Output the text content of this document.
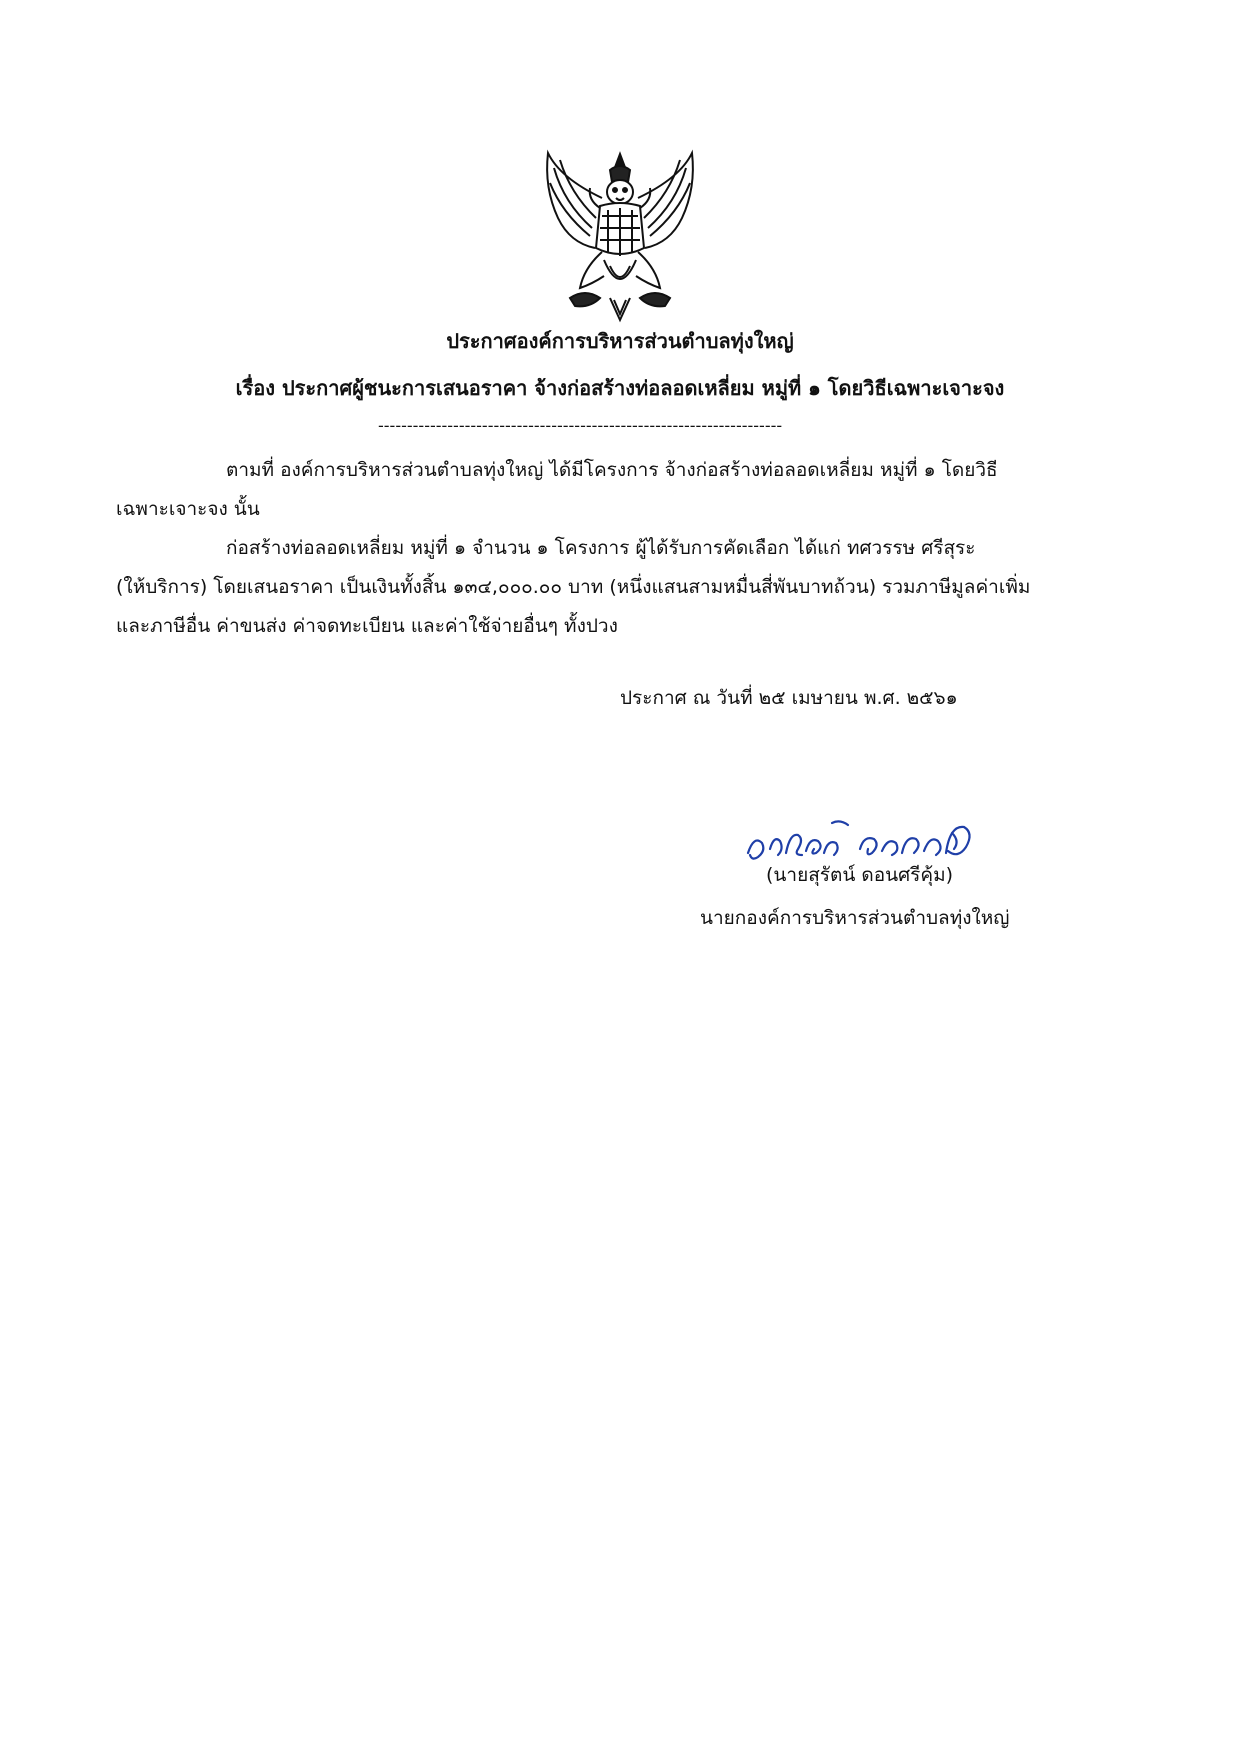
ประกาศองค์การบริหารส่วนตำบลทุ่งใหญ่
เรื่อง ประกาศผู้ชนะการเสนอราคา จ้างก่อสร้างท่อลอดเหลี่ยม หมู่ที่ ๑ โดยวิธีเฉพาะเจาะจง
----------------------------------------------------------------------
ตามที่ องค์การบริหารส่วนตำบลทุ่งใหญ่ ได้มีโครงการ จ้างก่อสร้างท่อลอดเหลี่ยม หมู่ที่ ๑ โดยวิธี
เฉพาะเจาะจง นั้น
ก่อสร้างท่อลอดเหลี่ยม หมู่ที่ ๑ จำนวน ๑ โครงการ ผู้ได้รับการคัดเลือก ได้แก่ ทศวรรษ ศรีสุระ
(ให้บริการ) โดยเสนอราคา เป็นเงินทั้งสิ้น ๑๓๔,๐๐๐.๐๐ บาท (หนึ่งแสนสามหมื่นสี่พันบาทถ้วน) รวมภาษีมูลค่าเพิ่ม
และภาษีอื่น ค่าขนส่ง ค่าจดทะเบียน และค่าใช้จ่ายอื่นๆ ทั้งปวง
ประกาศ ณ วันที่ ๒๕ เมษายน พ.ศ. ๒๕๖๑
(นายสุรัตน์ ดอนศรีคุ้ม)
นายกองค์การบริหารส่วนตำบลทุ่งใหญ่
